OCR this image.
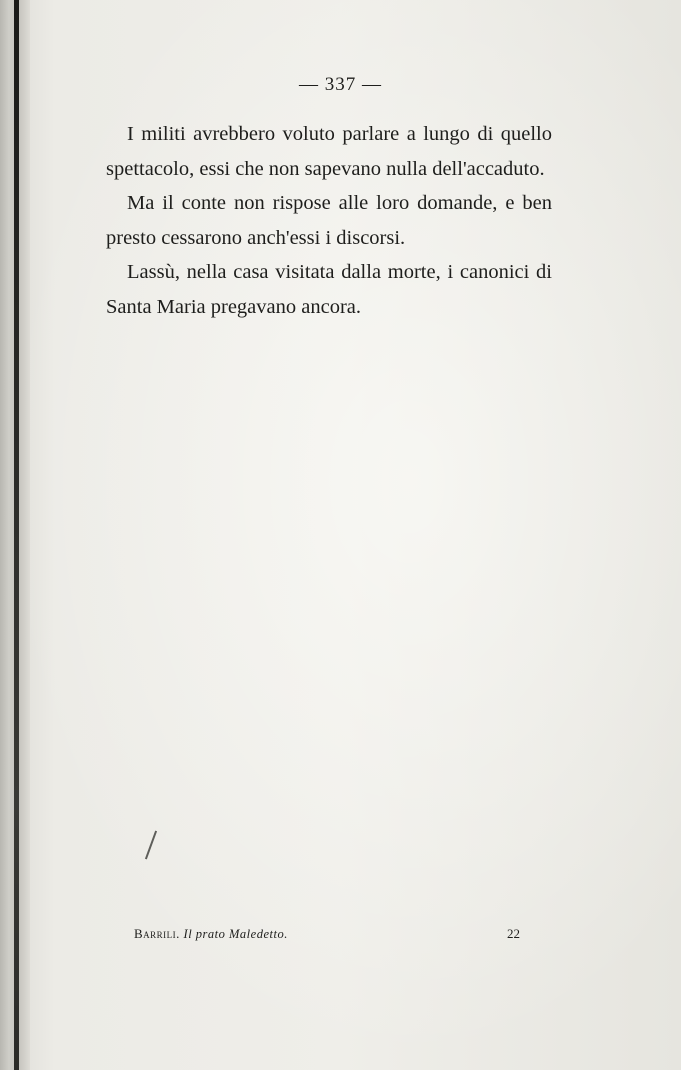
— 337 —

I militi avrebbero voluto parlare a lungo di quello spettacolo, essi che non sapevano nulla dell'accaduto.

Ma il conte non rispose alle loro domande, e ben presto cessarono anch'essi i discorsi.

Lassù, nella casa visitata dalla morte, i canonici di Santa Maria pregavano ancora.

Barrili. Il prato Maledetto.	22
